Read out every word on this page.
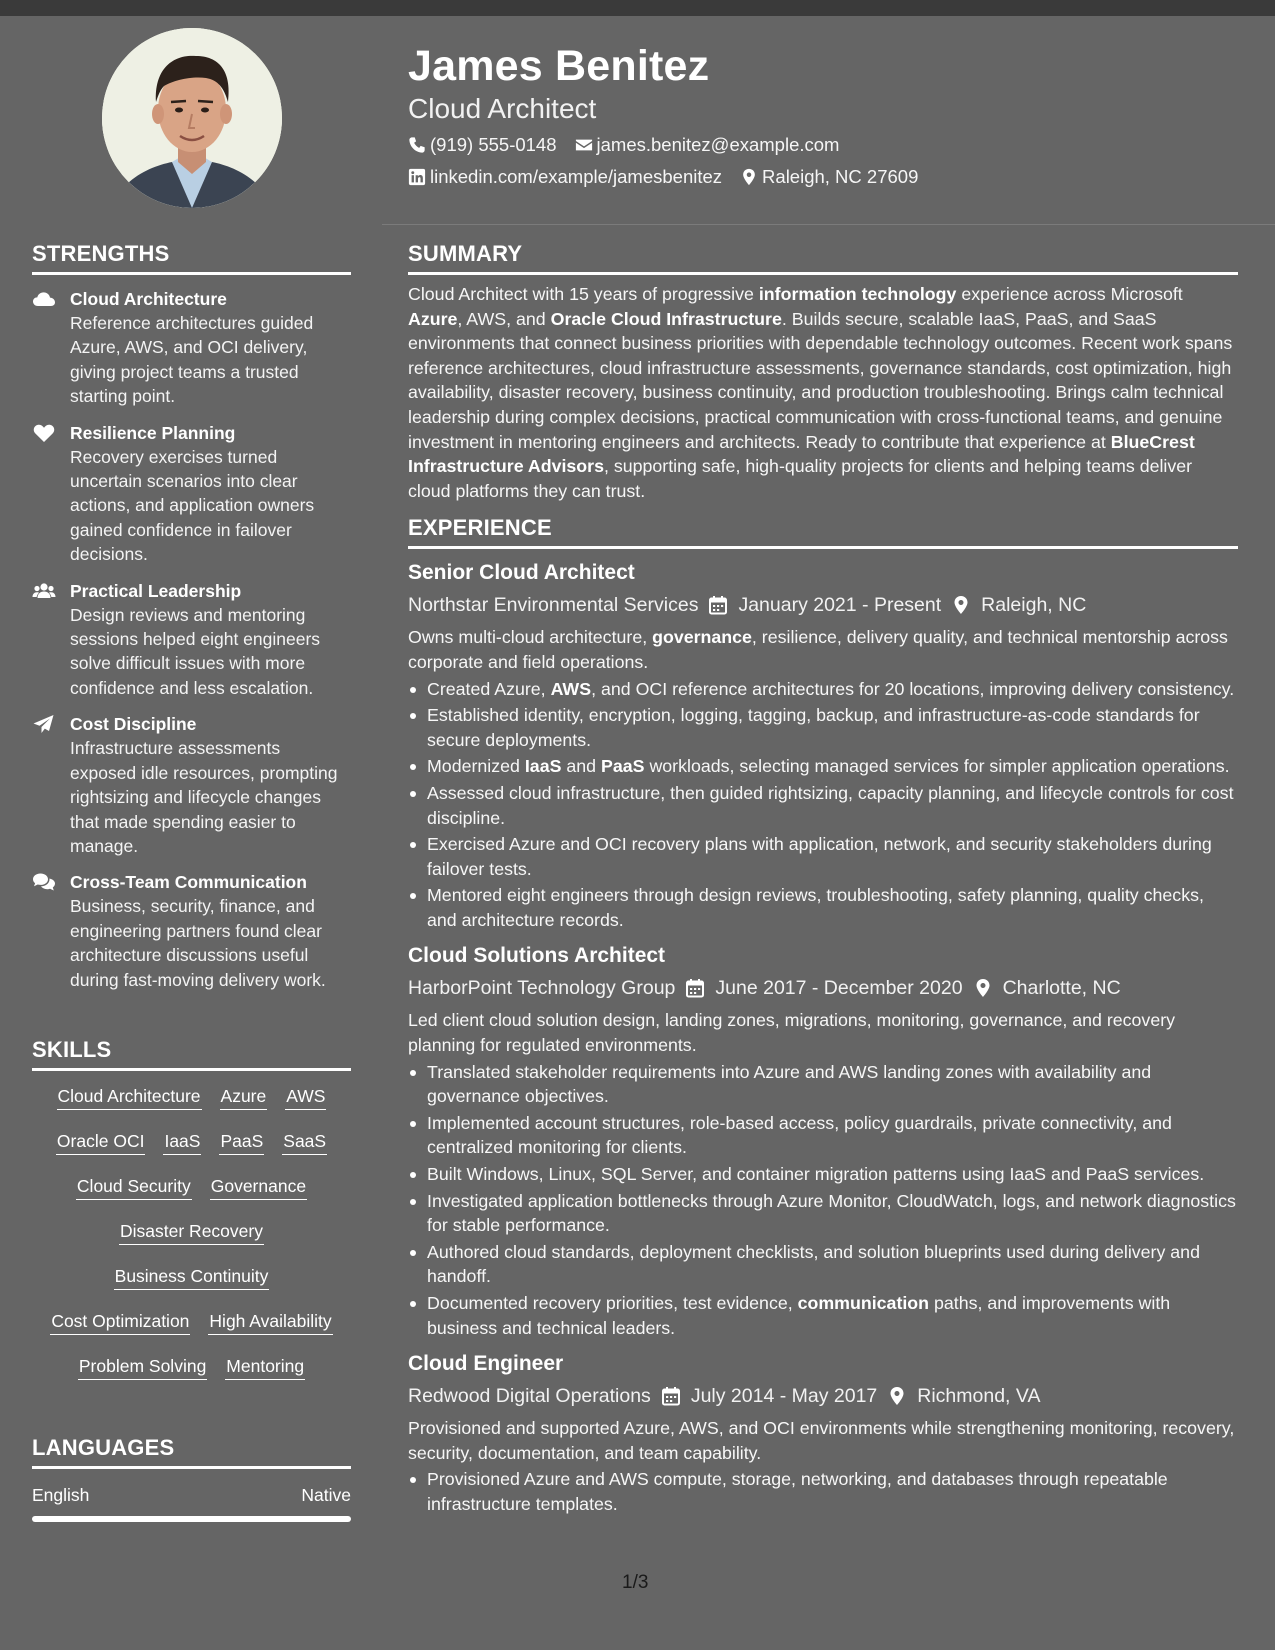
STRENGTHS
Cloud Architecture
Reference architectures guided Azure, AWS, and OCI delivery, giving project teams a trusted starting point.
Resilience Planning
Recovery exercises turned uncertain scenarios into clear actions, and application owners gained confidence in failover decisions.
Practical Leadership
Design reviews and mentoring sessions helped eight engineers solve difficult issues with more confidence and less escalation.
Cost Discipline
Infrastructure assessments exposed idle resources, prompting rightsizing and lifecycle changes that made spending easier to manage.
Cross-Team Communication
Business, security, finance, and engineering partners found clear architecture discussions useful during fast-moving delivery work.
SKILLS
Cloud Architecture Azure AWS
Oracle OCI IaaS PaaS SaaS
Cloud Security Governance
Disaster Recovery
Business Continuity
Cost Optimization High Availability
Problem Solving Mentoring
LANGUAGES
English	Native
James Benitez
Cloud Architect
(919) 555-0148 james.benitez@example.com
linkedin.com/example/jamesbenitez Raleigh, NC 27609
SUMMARY
Cloud Architect with 15 years of progressive information technology experience across Microsoft Azure, AWS, and Oracle Cloud Infrastructure. Builds secure, scalable IaaS, PaaS, and SaaS environments that connect business priorities with dependable technology outcomes. Recent work spans reference architectures, cloud infrastructure assessments, governance standards, cost optimization, high availability, disaster recovery, business continuity, and production troubleshooting. Brings calm technical leadership during complex decisions, practical communication with cross-functional teams, and genuine investment in mentoring engineers and architects. Ready to contribute that experience at BlueCrest Infrastructure Advisors, supporting safe, high-quality projects for clients and helping teams deliver cloud platforms they can trust.
EXPERIENCE
Senior Cloud Architect
Northstar Environmental Services January 2021 - Present Raleigh, NC
Owns multi-cloud architecture, governance, resilience, delivery quality, and technical mentorship across corporate and field operations.
Created Azure, AWS, and OCI reference architectures for 20 locations, improving delivery consistency.
Established identity, encryption, logging, tagging, backup, and infrastructure-as-code standards for secure deployments.
Modernized IaaS and PaaS workloads, selecting managed services for simpler application operations.
Assessed cloud infrastructure, then guided rightsizing, capacity planning, and lifecycle controls for cost discipline.
Exercised Azure and OCI recovery plans with application, network, and security stakeholders during failover tests.
Mentored eight engineers through design reviews, troubleshooting, safety planning, quality checks, and architecture records.
Cloud Solutions Architect
HarborPoint Technology Group June 2017 - December 2020 Charlotte, NC
Led client cloud solution design, landing zones, migrations, monitoring, governance, and recovery planning for regulated environments.
Translated stakeholder requirements into Azure and AWS landing zones with availability and governance objectives.
Implemented account structures, role-based access, policy guardrails, private connectivity, and centralized monitoring for clients.
Built Windows, Linux, SQL Server, and container migration patterns using IaaS and PaaS services.
Investigated application bottlenecks through Azure Monitor, CloudWatch, logs, and network diagnostics for stable performance.
Authored cloud standards, deployment checklists, and solution blueprints used during delivery and handoff.
Documented recovery priorities, test evidence, communication paths, and improvements with business and technical leaders.
Cloud Engineer
Redwood Digital Operations July 2014 - May 2017 Richmond, VA
Provisioned and supported Azure, AWS, and OCI environments while strengthening monitoring, recovery, security, documentation, and team capability.
Provisioned Azure and AWS compute, storage, networking, and databases through repeatable infrastructure templates.
1/3
